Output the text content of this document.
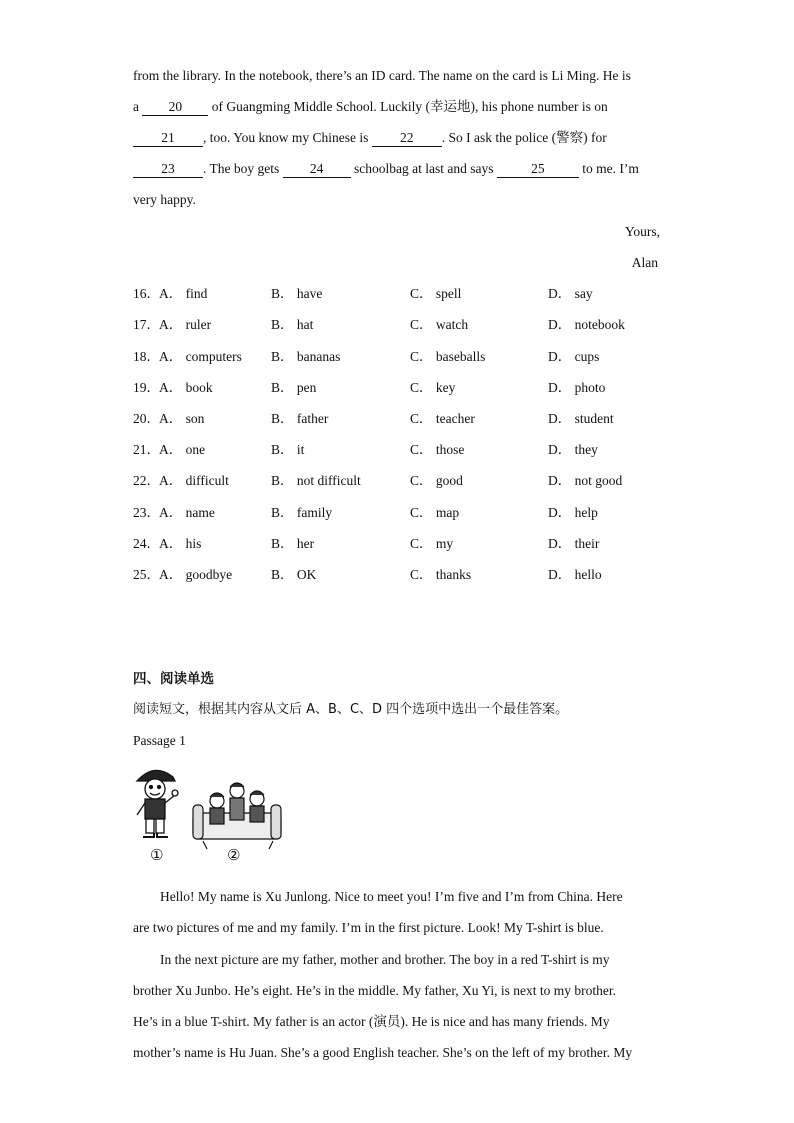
from the library. In the notebook, there’s an ID card. The name on the card is Li Ming. He is
a 20 of Guangming Middle School. Luckily (幸运地), his phone number is on
21 , too. You know my Chinese is 22 . So I ask the police (警察) for
23 . The boy gets 24 schoolbag at last and says	25	to me. I’m
very happy.
Yours,
Alan
16． A． find	B． have	C． spell	D． say
17． A． ruler	B． hat	C． watch	D． notebook
18． A． computers B． bananas	C． baseballs	D． cups
19． A． book	B． pen	C． key	D． photo
20． A． son	B． father	C． teacher	D． student
21． A． one	B． it	C． those	D． they
22． A． difficult	B． not difficult	C． good	D． not good
23． A． name	B． family	C． map	D． help
24． A． his	B． her	C． my	D． their
25． A． goodbye	B． OK	C． thanks	D． hello
四、阅读单选
阅读短文，根据其内容从文后 A、B、C、D 四个选项中选出一个最佳答案。
Passage 1
①	②
Hello! My name is Xu Junlong. Nice to meet you! I’m five and I’m from China. Here
are two pictures of me and my family. I’m in the first picture. Look! My T-shirt is blue.
In the next picture are my father, mother and brother. The boy in a red T-shirt is my
brother Xu Junbo. He’s eight. He’s in the middle. My father, Xu Yi, is next to my brother.
He’s in a blue T-shirt. My father is an actor (演员). He is nice and has many friends. My
mother’s name is Hu Juan. She’s a good English teacher. She’s on the left of my brother. My
